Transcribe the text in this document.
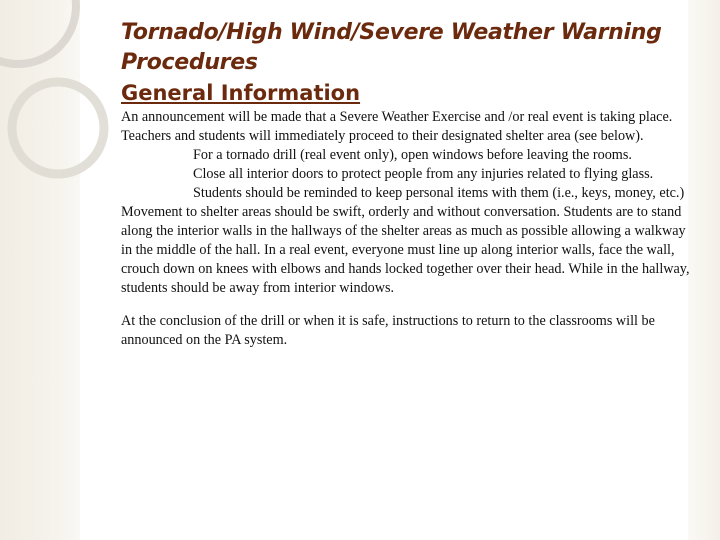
Tornado/High Wind/Severe Weather Warning Procedures
General Information

An announcement will be made that a Severe Weather Exercise and /or real event is taking place. Teachers and students will immediately proceed to their designated shelter area (see below).

For a tornado drill (real event only), open windows before leaving the rooms.

Close all interior doors to protect people from any injuries related to flying glass.

Students should be reminded to keep personal items with them (i.e., keys, money, etc.)

Movement to shelter areas should be swift, orderly and without conversation. Students are to stand along the interior walls in the hallways of the shelter areas as much as possible allowing a walkway in the middle of the hall. In a real event, everyone must line up along interior walls, face the wall, crouch down on knees with elbows and hands locked together over their head. While in the hallway, students should be away from interior windows.

At the conclusion of the drill or when it is safe, instructions to return to the classrooms will be announced on the PA system.
